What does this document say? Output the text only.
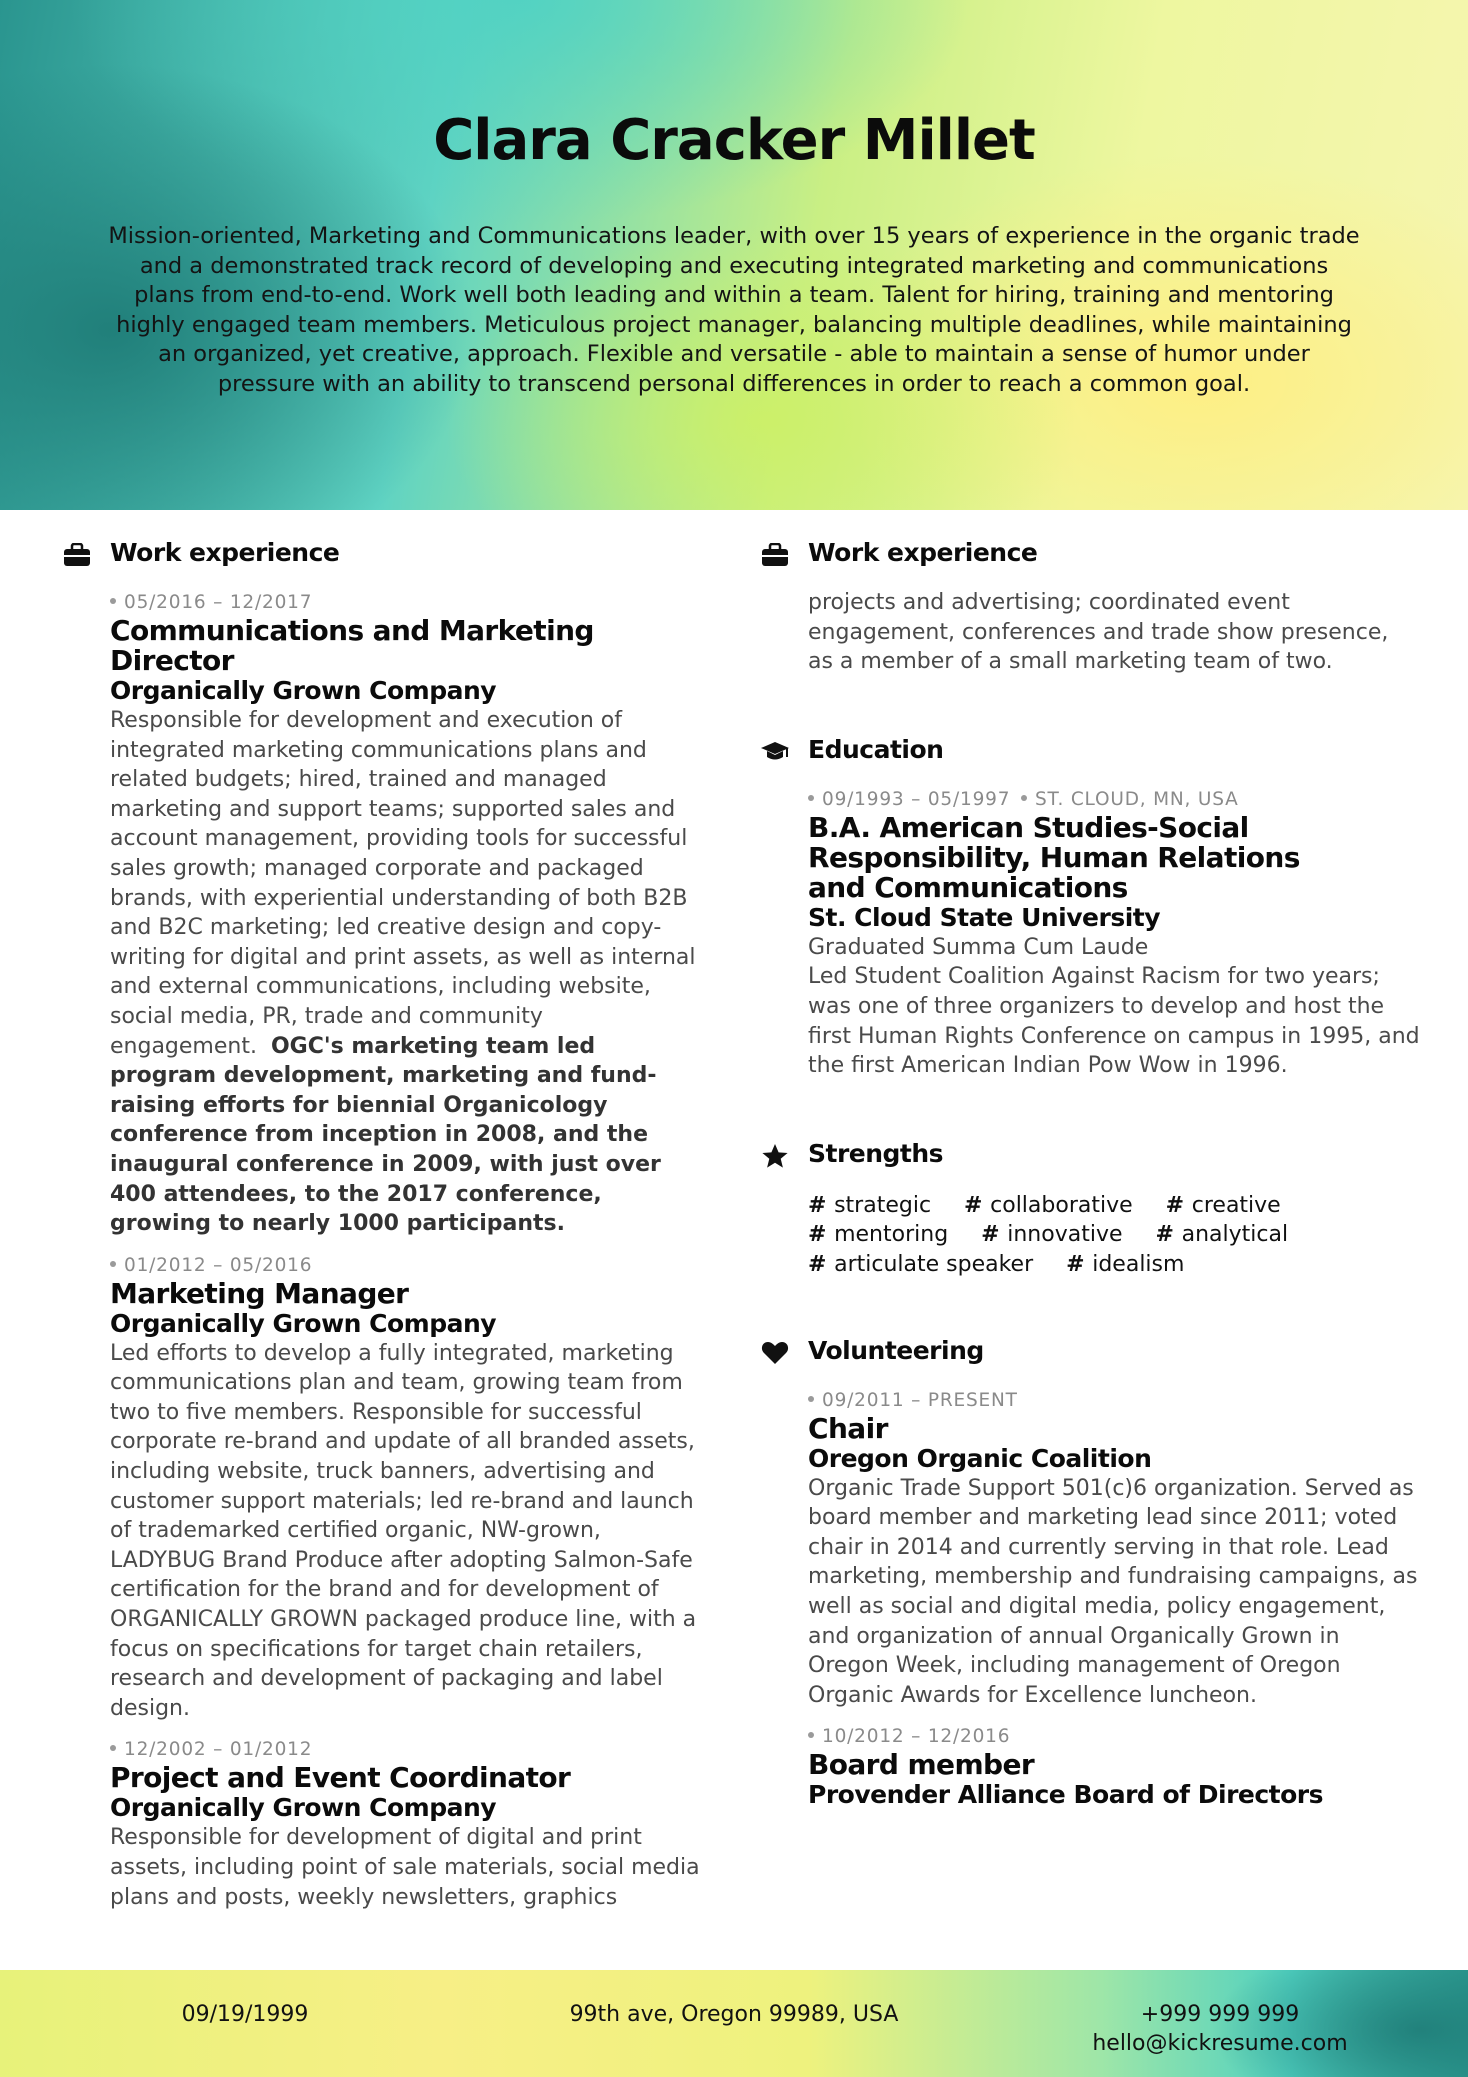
Clara Cracker Millet

Mission-oriented, Marketing and Communications leader, with over 15 years of experience in the organic trade and a demonstrated track record of developing and executing integrated marketing and communications plans from end-to-end. Work well both leading and within a team. Talent for hiring, training and mentoring highly engaged team members. Meticulous project manager, balancing multiple deadlines, while maintaining an organized, yet creative, approach. Flexible and versatile - able to maintain a sense of humor under pressure with an ability to transcend personal differences in order to reach a common goal.

Work experience
05/2016 – 12/2017
Communications and Marketing Director
Organically Grown Company
Responsible for development and execution of integrated marketing communications plans and related budgets; hired, trained and managed marketing and support teams; supported sales and account management, providing tools for successful sales growth; managed corporate and packaged brands, with experiential understanding of both B2B and B2C marketing; led creative design and copy-writing for digital and print assets, as well as internal and external communications, including website, social media, PR, trade and community engagement. OGC's marketing team led program development, marketing and fund-raising efforts for biennial Organicology conference from inception in 2008, and the inaugural conference in 2009, with just over 400 attendees, to the 2017 conference, growing to nearly 1000 participants.
01/2012 – 05/2016
Marketing Manager
Organically Grown Company
Led efforts to develop a fully integrated, marketing communications plan and team, growing team from two to five members. Responsible for successful corporate re-brand and update of all branded assets, including website, truck banners, advertising and customer support materials; led re-brand and launch of trademarked certified organic, NW-grown, LADYBUG Brand Produce after adopting Salmon-Safe certification for the brand and for development of ORGANICALLY GROWN packaged produce line, with a focus on specifications for target chain retailers, research and development of packaging and label design.
12/2002 – 01/2012
Project and Event Coordinator
Organically Grown Company
Responsible for development of digital and print assets, including point of sale materials, social media plans and posts, weekly newsletters, graphics
Work experience
projects and advertising; coordinated event engagement, conferences and trade show presence, as a member of a small marketing team of two.
Education
09/1993 – 05/1997 ST. CLOUD, MN, USA
B.A. American Studies-Social Responsibility, Human Relations and Communications
St. Cloud State University
Graduated Summa Cum Laude
Led Student Coalition Against Racism for two years; was one of three organizers to develop and host the first Human Rights Conference on campus in 1995, and the first American Indian Pow Wow in 1996.
Strengths
# strategic # collaborative # creative
# mentoring # innovative # analytical
# articulate speaker # idealism
Volunteering
09/2011 – PRESENT
Chair
Oregon Organic Coalition
Organic Trade Support 501(c)6 organization. Served as board member and marketing lead since 2011; voted chair in 2014 and currently serving in that role. Lead marketing, membership and fundraising campaigns, as well as social and digital media, policy engagement, and organization of annual Organically Grown in Oregon Week, including management of Oregon Organic Awards for Excellence luncheon.
10/2012 – 12/2016
Board member
Provender Alliance Board of Directors
09/19/1999	99th ave, Oregon 99989, USA	+999 999 999
hello@kickresume.com
